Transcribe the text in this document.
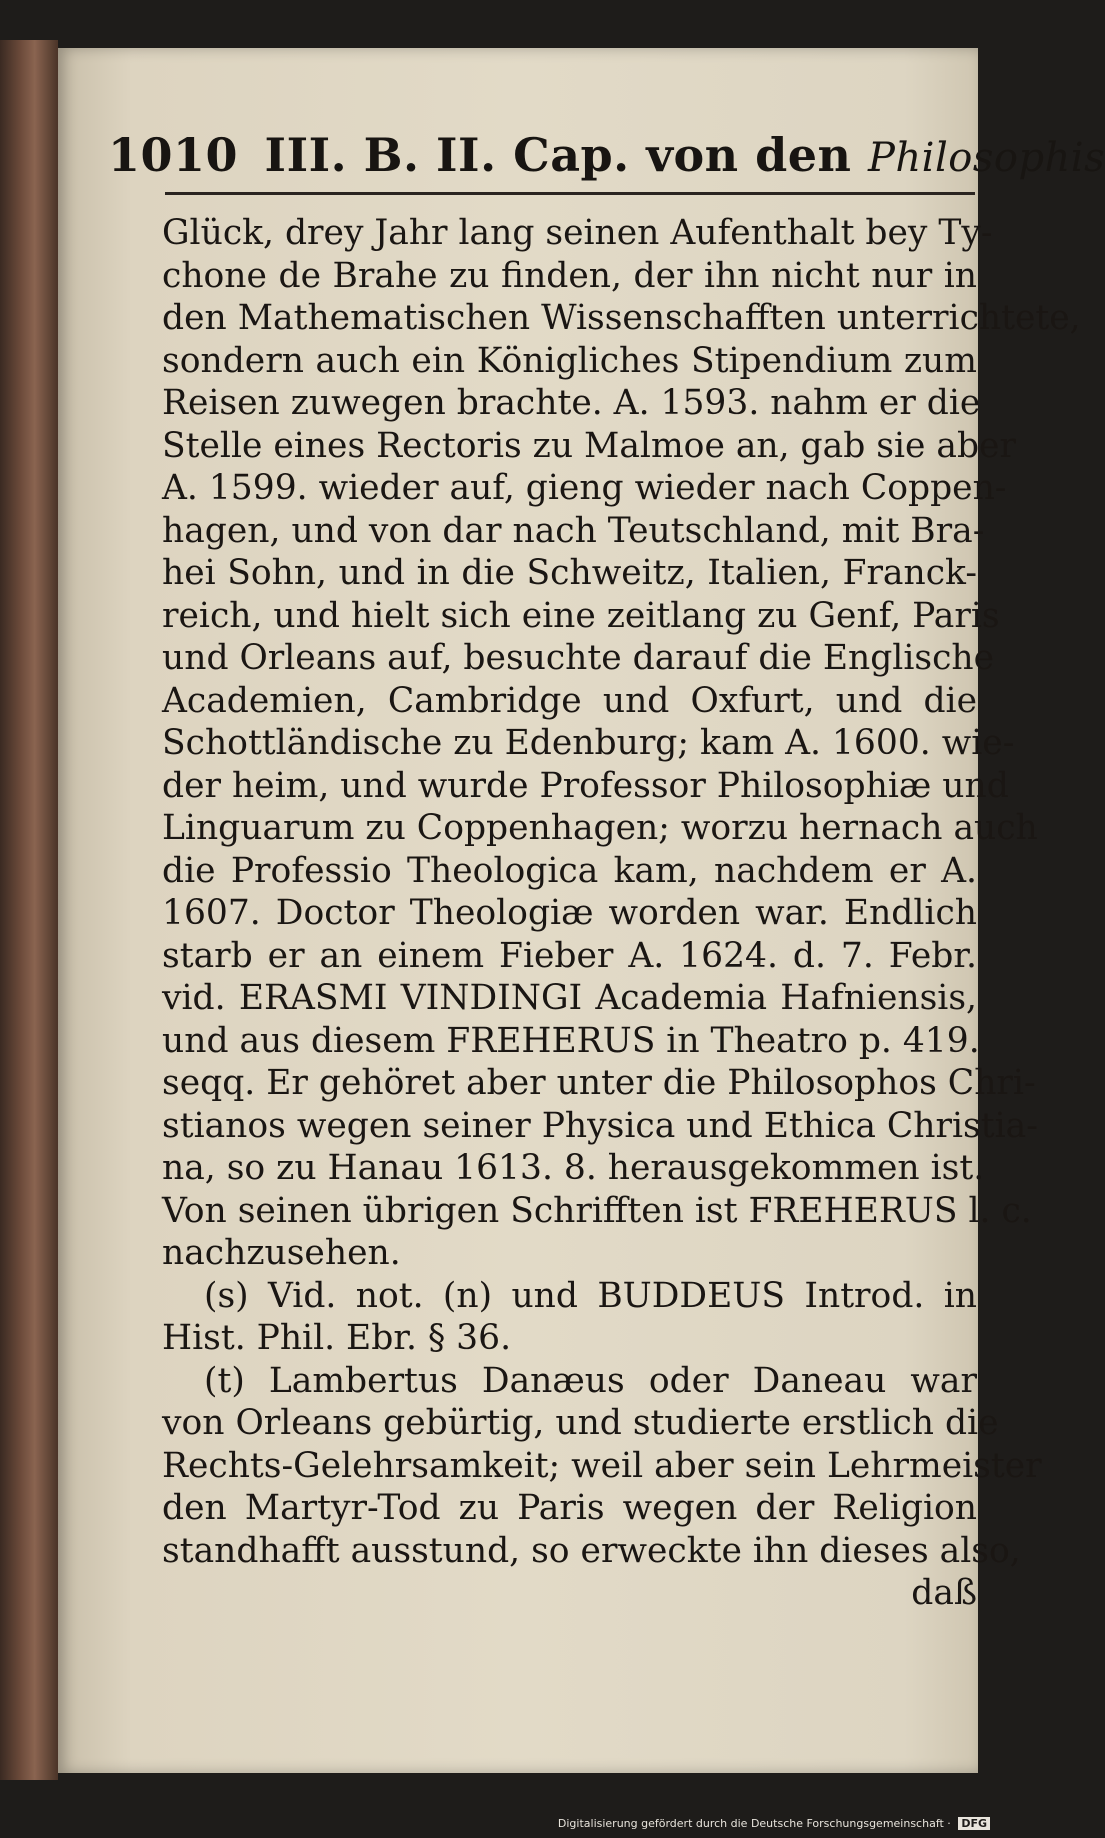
1010 III. B. II. Cap. von den Philosophis
Glück, drey Jahr lang seinen Aufenthalt bey Ty-
chone de Brahe zu finden, der ihn nicht nur in
den Mathematischen Wissenschafften unterrichtete,
sondern auch ein Königliches Stipendium zum
Reisen zuwegen brachte. A. 1593. nahm er die
Stelle eines Rectoris zu Malmoe an, gab sie aber
A. 1599. wieder auf, gieng wieder nach Coppen-
hagen, und von dar nach Teutschland, mit Bra-
hei Sohn, und in die Schweitz, Italien, Franck-
reich, und hielt sich eine zeitlang zu Genf, Paris
und Orleans auf, besuchte darauf die Englische
Academien, Cambridge und Oxfurt, und die
Schottländische zu Edenburg; kam A. 1600. wie-
der heim, und wurde Professor Philosophiæ und
Linguarum zu Coppenhagen; worzu hernach auch
die Professio Theologica kam, nachdem er A.
1607. Doctor Theologiæ worden war. Endlich
starb er an einem Fieber A. 1624. d. 7. Febr.
vid. ERASMI VINDINGI Academia Hafniensis,
und aus diesem FREHERUS in Theatro p. 419.
seqq. Er gehöret aber unter die Philosophos Chri-
stianos wegen seiner Physica und Ethica Christia-
na, so zu Hanau 1613. 8. herausgekommen ist.
Von seinen übrigen Schrifften ist FREHERUS l. c.
nachzusehen.
(s) Vid. not. (n) und BUDDEUS Introd. in
Hist. Phil. Ebr. § 36.
(t) Lambertus Danæus oder Daneau war
von Orleans gebürtig, und studierte erstlich die
Rechts-Gelehrsamkeit; weil aber sein Lehrmeister
den Martyr-Tod zu Paris wegen der Religion
standhafft ausstund, so erweckte ihn dieses also,
daß
Digitalisierung gefördert durch die Deutsche Forschungsgemeinschaft · DFG
